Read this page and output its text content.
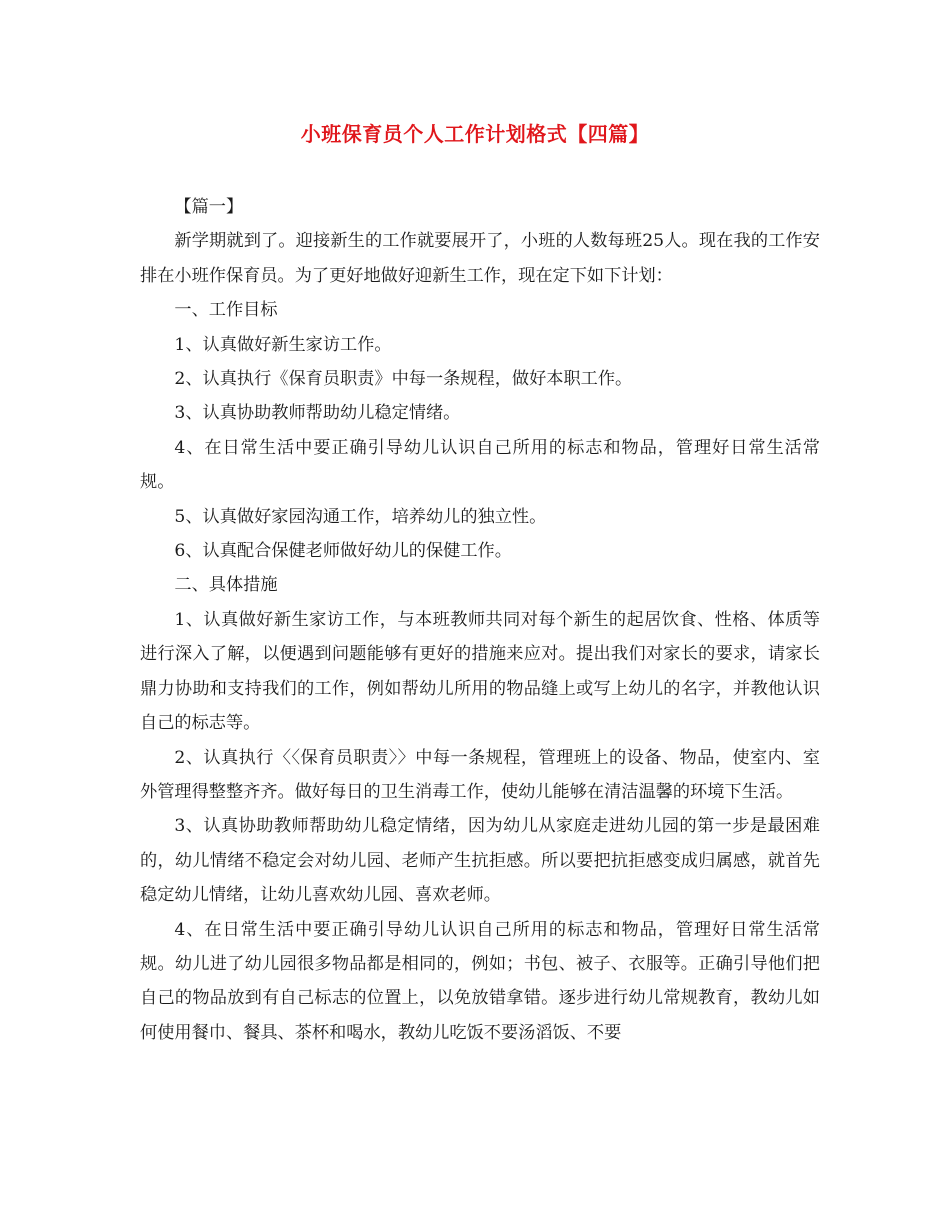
小班保育员个人工作计划格式【四篇】

【篇一】

新学期就到了。迎接新生的工作就要展开了，小班的人数每班25人。现在我的工作安排在小班作保育员。为了更好地做好迎新生工作，现在定下如下计划：

一、工作目标

1、认真做好新生家访工作。

2、认真执行《保育员职责》中每一条规程，做好本职工作。

3、认真协助教师帮助幼儿稳定情绪。

4、在日常生活中要正确引导幼儿认识自己所用的标志和物品，管理好日常生活常规。

5、认真做好家园沟通工作，培养幼儿的独立性。

6、认真配合保健老师做好幼儿的保健工作。

二、具体措施

1、认真做好新生家访工作，与本班教师共同对每个新生的起居饮食、性格、体质等进行深入了解，以便遇到问题能够有更好的措施来应对。提出我们对家长的要求，请家长鼎力协助和支持我们的工作，例如帮幼儿所用的物品缝上或写上幼儿的名字，并教他认识自己的标志等。

2、认真执行〈〈保育员职责〉〉中每一条规程，管理班上的设备、物品，使室内、室外管理得整整齐齐。做好每日的卫生消毒工作，使幼儿能够在清洁温馨的环境下生活。

3、认真协助教师帮助幼儿稳定情绪，因为幼儿从家庭走进幼儿园的第一步是最困难的，幼儿情绪不稳定会对幼儿园、老师产生抗拒感。所以要把抗拒感变成归属感，就首先稳定幼儿情绪，让幼儿喜欢幼儿园、喜欢老师。

4、在日常生活中要正确引导幼儿认识自己所用的标志和物品，管理好日常生活常规。幼儿进了幼儿园很多物品都是相同的，例如；书包、被子、衣服等。正确引导他们把自己的物品放到有自己标志的位置上，以免放错拿错。逐步进行幼儿常规教育，教幼儿如何使用餐巾、餐具、茶杯和喝水，教幼儿吃饭不要汤滔饭、不要
